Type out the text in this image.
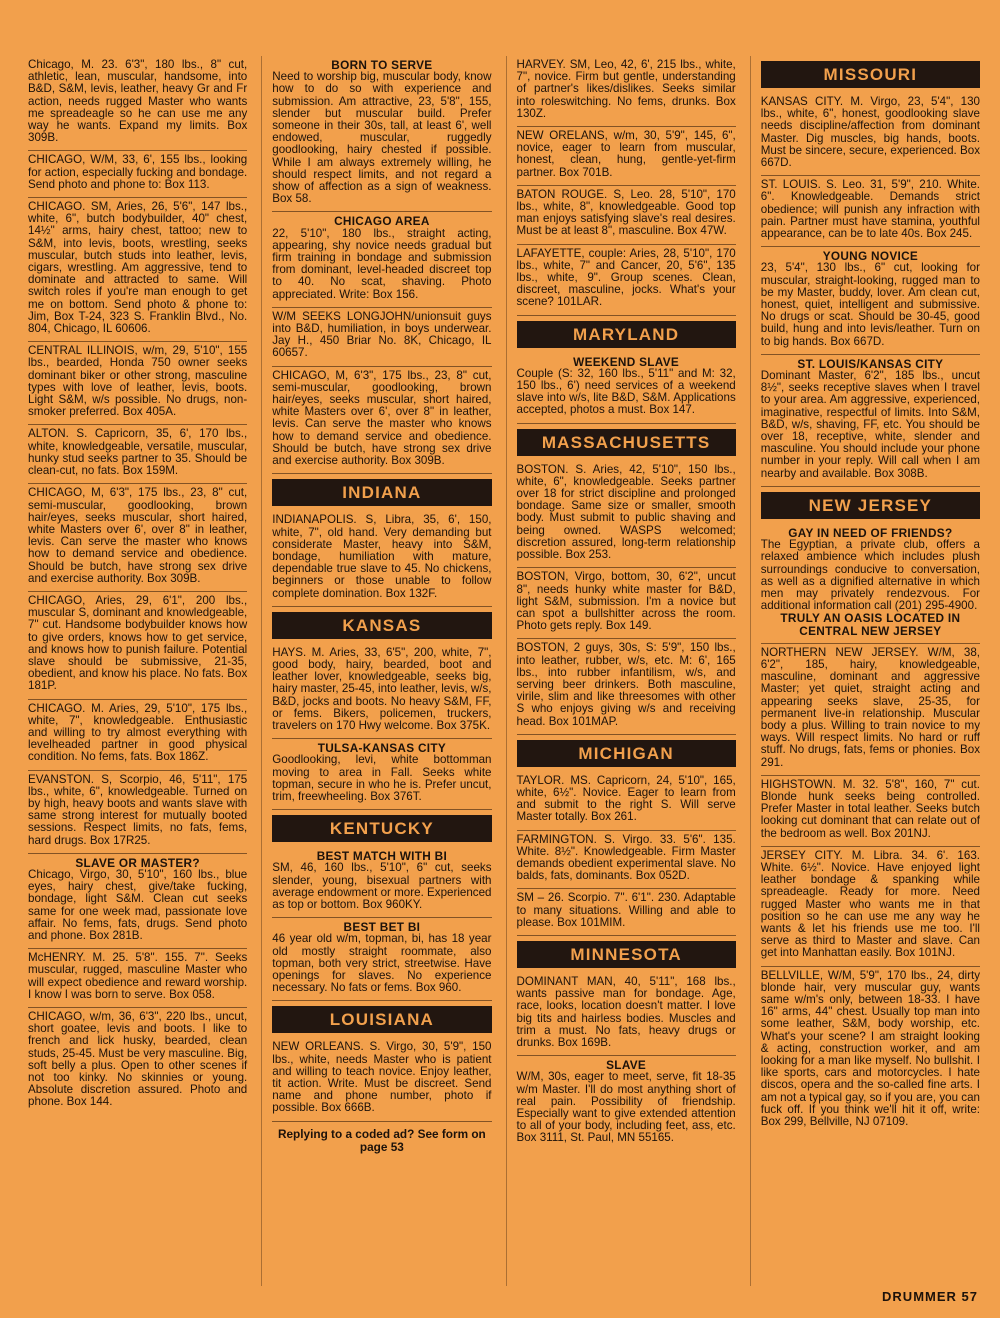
Chicago, M. 23. 6'3", 180 lbs., 8" cut, athletic, lean, muscular, handsome, into B&D, S&M, levis, leather, heavy Gr and Fr action, needs rugged Master who wants me spreadeagle so he can use me any way he wants. Expand my limits. Box 309B.
CHICAGO, W/M, 33, 6', 155 lbs., looking for action, especially fucking and bondage. Send photo and phone to: Box 113.
CHICAGO. SM, Aries, 26, 5'6", 147 lbs., white, 6", butch bodybuilder, 40" chest, 14½" arms, hairy chest, tattoo; new to S&M, into levis, boots, wrestling, seeks muscular, butch studs into leather, levis, cigars, wrestling. Am aggressive, tend to dominate and attracted to same. Will switch roles if you're man enough to get me on bottom. Send photo & phone to: Jim, Box T-24, 323 S. Franklin Blvd., No. 804, Chicago, IL 60606.
CENTRAL ILLINOIS, w/m, 29, 5'10", 155 lbs., bearded, Honda 750 owner seeks dominant biker or other strong, masculine types with love of leather, levis, boots. Light S&M, w/s possible. No drugs, non-smoker preferred. Box 405A.
ALTON. S. Capricorn, 35, 6', 170 lbs., white, knowledgeable, versatile, muscular, hunky stud seeks partner to 35. Should be clean-cut, no fats. Box 159M.
CHICAGO, M, 6'3", 175 lbs., 23, 8" cut, semi-muscular, goodlooking, brown hair/eyes, seeks muscular, short haired, white Masters over 6', over 8" in leather, levis. Can serve the master who knows how to demand service and obedience. Should be butch, have strong sex drive and exercise authority. Box 309B.
CHICAGO, Aries, 29, 6'1", 200 lbs., muscular S, dominant and knowledgeable, 7" cut. Handsome bodybuilder knows how to give orders, knows how to get service, and knows how to punish failure. Potential slave should be submissive, 21-35, obedient, and know his place. No fats. Box 181P.
CHICAGO. M. Aries, 29, 5'10", 175 lbs., white, 7", knowledgeable. Enthusiastic and willing to try almost everything with levelheaded partner in good physical condition. No fems, fats. Box 186Z.
EVANSTON. S, Scorpio, 46, 5'11", 175 lbs., white, 6", knowledgeable. Turned on by high, heavy boots and wants slave with same strong interest for mutually booted sessions. Respect limits, no fats, fems, hard drugs. Box 17R25.
SLAVE OR MASTER?
Chicago, Virgo, 30, 5'10", 160 lbs., blue eyes, hairy chest, give/take fucking, bondage, light S&M. Clean cut seeks same for one week mad, passionate love affair. No fems, fats, drugs. Send photo and phone. Box 281B.
McHENRY. M. 25. 5'8". 155. 7". Seeks muscular, rugged, masculine Master who will expect obedience and reward worship. I know I was born to serve. Box 058.
CHICAGO, w/m, 36, 6'3", 220 lbs., uncut, short goatee, levis and boots. I like to french and lick husky, bearded, clean studs, 25-45. Must be very masculine. Big, soft belly a plus. Open to other scenes if not too kinky. No skinnies or young. Absolute discretion assured. Photo and phone. Box 144.
BORN TO SERVE
Need to worship big, muscular body, know how to do so with experience and submission. Am attractive, 23, 5'8", 155, slender but muscular build. Prefer someone in their 30s, tall, at least 6', well endowed, muscular, ruggedly goodlooking, hairy chested if possible. While I am always extremely willing, he should respect limits, and not regard a show of affection as a sign of weakness. Box 58.
CHICAGO AREA
22, 5'10", 180 lbs., straight acting, appearing, shy novice needs gradual but firm training in bondage and submission from dominant, level-headed discreet top to 40. No scat, shaving. Photo appreciated. Write: Box 156.
W/M SEEKS LONGJOHN/unionsuit guys into B&D, humiliation, in boys underwear. Jay H., 450 Briar No. 8K, Chicago, IL 60657.
CHICAGO, M, 6'3", 175 lbs., 23, 8" cut, semi-muscular, goodlooking, brown hair/eyes, seeks muscular, short haired, white Masters over 6', over 8" in leather, levis. Can serve the master who knows how to demand service and obedience. Should be butch, have strong sex drive and exercise authority. Box 309B.
INDIANA
INDIANAPOLIS. S, Libra, 35, 6', 150, white, 7", old hand. Very demanding but considerate Master, heavy into S&M, bondage, humiliation with mature, dependable true slave to 45. No chickens, beginners or those unable to follow complete domination. Box 132F.
KANSAS
HAYS. M. Aries, 33, 6'5", 200, white, 7", good body, hairy, bearded, boot and leather lover, knowledgeable, seeks big, hairy master, 25-45, into leather, levis, w/s, B&D, jocks and boots. No heavy S&M, FF, or fems. Bikers, policemen, truckers, travelers on 170 Hwy welcome. Box 375K.
TULSA-KANSAS CITY
Goodlooking, levi, white bottomman moving to area in Fall. Seeks white topman, secure in who he is. Prefer uncut, trim, freewheeling. Box 376T.
KENTUCKY
BEST MATCH WITH BI
SM, 46, 160 lbs., 5'10", 6" cut, seeks slender, young, bisexual partners with average endowment or more. Experienced as top or bottom. Box 960KY.
BEST BET BI
46 year old w/m, topman, bi, has 18 year old mostly straight roommate, also topman, both very strict, streetwise. Have openings for slaves. No experience necessary. No fats or fems. Box 960.
LOUISIANA
NEW ORLEANS. S. Virgo, 30, 5'9", 150 lbs., white, needs Master who is patient and willing to teach novice. Enjoy leather, tit action. Write. Must be discreet. Send name and phone number, photo if possible. Box 666B.
Replying to a coded ad? See form on page 53
HARVEY. SM, Leo, 42, 6', 215 lbs., white, 7", novice. Firm but gentle, understanding of partner's likes/dislikes. Seeks similar into roleswitching. No fems, drunks. Box 130Z.
NEW ORELANS, w/m, 30, 5'9", 145, 6", novice, eager to learn from muscular, honest, clean, hung, gentle-yet-firm partner. Box 701B.
BATON ROUGE. S, Leo. 28, 5'10", 170 lbs., white, 8", knowledgeable. Good top man enjoys satisfying slave's real desires. Must be at least 8", masculine. Box 47W.
LAFAYETTE, couple: Aries, 28, 5'10", 170 lbs., white, 7" and Cancer, 20, 5'6", 135 lbs., white, 9". Group scenes. Clean, discreet, masculine, jocks. What's your scene? 101LAR.
MARYLAND
WEEKEND SLAVE
Couple (S: 32, 160 lbs., 5'11" and M: 32, 150 lbs., 6') need services of a weekend slave into w/s, lite B&D, S&M. Applications accepted, photos a must. Box 147.
MASSACHUSETTS
BOSTON. S. Aries, 42, 5'10", 150 lbs., white, 6", knowledgeable. Seeks partner over 18 for strict discipline and prolonged bondage. Same size or smaller, smooth body. Must submit to public shaving and being owned. WASPS welcomed; discretion assured, long-term relationship possible. Box 253.
BOSTON, Virgo, bottom, 30, 6'2", uncut 8", needs hunky white master for B&D, light S&M, submission. I'm a novice but can spot a bullshitter across the room. Photo gets reply. Box 149.
BOSTON, 2 guys, 30s, S: 5'9", 150 lbs., into leather, rubber, w/s, etc. M: 6', 165 lbs., into rubber infantilism, w/s, and serving beer drinkers. Both masculine, virile, slim and like threesomes with other S who enjoys giving w/s and receiving head. Box 101MAP.
MICHIGAN
TAYLOR. MS. Capricorn, 24, 5'10", 165, white, 6½". Novice. Eager to learn from and submit to the right S. Will serve Master totally. Box 261.
FARMINGTON. S. Virgo. 33. 5'6". 135. White. 8½". Knowledgeable. Firm Master demands obedient experimental slave. No balds, fats, dominants. Box 052D.
SM – 26. Scorpio. 7". 6'1". 230. Adaptable to many situations. Willing and able to please. Box 101MIM.
MINNESOTA
DOMINANT MAN, 40, 5'11", 168 lbs., wants passive man for bondage. Age, race, looks, location doesn't matter. I love big tits and hairless bodies. Muscles and trim a must. No fats, heavy drugs or drunks. Box 169B.
SLAVE
W/M, 30s, eager to meet, serve, fit 18-35 w/m Master. I'll do most anything short of real pain. Possibility of friendship. Especially want to give extended attention to all of your body, including feet, ass, etc. Box 3111, St. Paul, MN 55165.
MISSOURI
KANSAS CITY. M. Virgo, 23, 5'4", 130 lbs., white, 6", honest, goodlooking slave needs discipline/affection from dominant Master. Dig muscles, big hands, boots. Must be sincere, secure, experienced. Box 667D.
ST. LOUIS. S. Leo. 31, 5'9", 210. White. 6". Knowledgeable. Demands strict obedience; will punish any infraction with pain. Partner must have stamina, youthful appearance, can be to late 40s. Box 245.
YOUNG NOVICE
23, 5'4", 130 lbs., 6" cut, looking for muscular, straight-looking, rugged man to be my Master, buddy, lover. Am clean cut, honest, quiet, intelligent and submissive. No drugs or scat. Should be 30-45, good build, hung and into levis/leather. Turn on to big hands. Box 667D.
ST. LOUIS/KANSAS CITY
Dominant Master, 6'2", 185 lbs., uncut 8½", seeks receptive slaves when I travel to your area. Am aggressive, experienced, imaginative, respectful of limits. Into S&M, B&D, w/s, shaving, FF, etc. You should be over 18, receptive, white, slender and masculine. You should include your phone number in your reply. Will call when I am nearby and available. Box 308B.
NEW JERSEY
GAY IN NEED OF FRIENDS?
The Egyptian, a private club, offers a relaxed ambience which includes plush surroundings conducive to conversation, as well as a dignified alternative in which men may privately rendezvous. For additional information call (201) 295-4900.
TRULY AN OASIS LOCATED IN CENTRAL NEW JERSEY
NORTHERN NEW JERSEY. W/M, 38, 6'2", 185, hairy, knowledgeable, masculine, dominant and aggressive Master; yet quiet, straight acting and appearing seeks slave, 25-35, for permanent live-in relationship. Muscular body a plus. Willing to train novice to my ways. Will respect limits. No hard or ruff stuff. No drugs, fats, fems or phonies. Box 291.
HIGHSTOWN. M. 32. 5'8", 160, 7" cut. Blonde hunk seeks being controlled. Prefer Master in total leather. Seeks butch looking cut dominant that can relate out of the bedroom as well. Box 201NJ.
JERSEY CITY. M. Libra. 34. 6'. 163. White. 6½". Novice. Have enjoyed light leather bondage & spanking while spreadeagle. Ready for more. Need rugged Master who wants me in that position so he can use me any way he wants & let his friends use me too. I'll serve as third to Master and slave. Can get into Manhattan easily. Box 101NJ.
BELLVILLE, W/M, 5'9", 170 lbs., 24, dirty blonde hair, very muscular guy, wants same w/m's only, between 18-33. I have 16" arms, 44" chest. Usually top man into some leather, S&M, body worship, etc. What's your scene? I am straight looking & acting, construction worker, and am looking for a man like myself. No bullshit. I like sports, cars and motorcycles. I hate discos, opera and the so-called fine arts. I am not a typical gay, so if you are, you can fuck off. If you think we'll hit it off, write: Box 299, Bellville, NJ 07109.
DRUMMER 57
